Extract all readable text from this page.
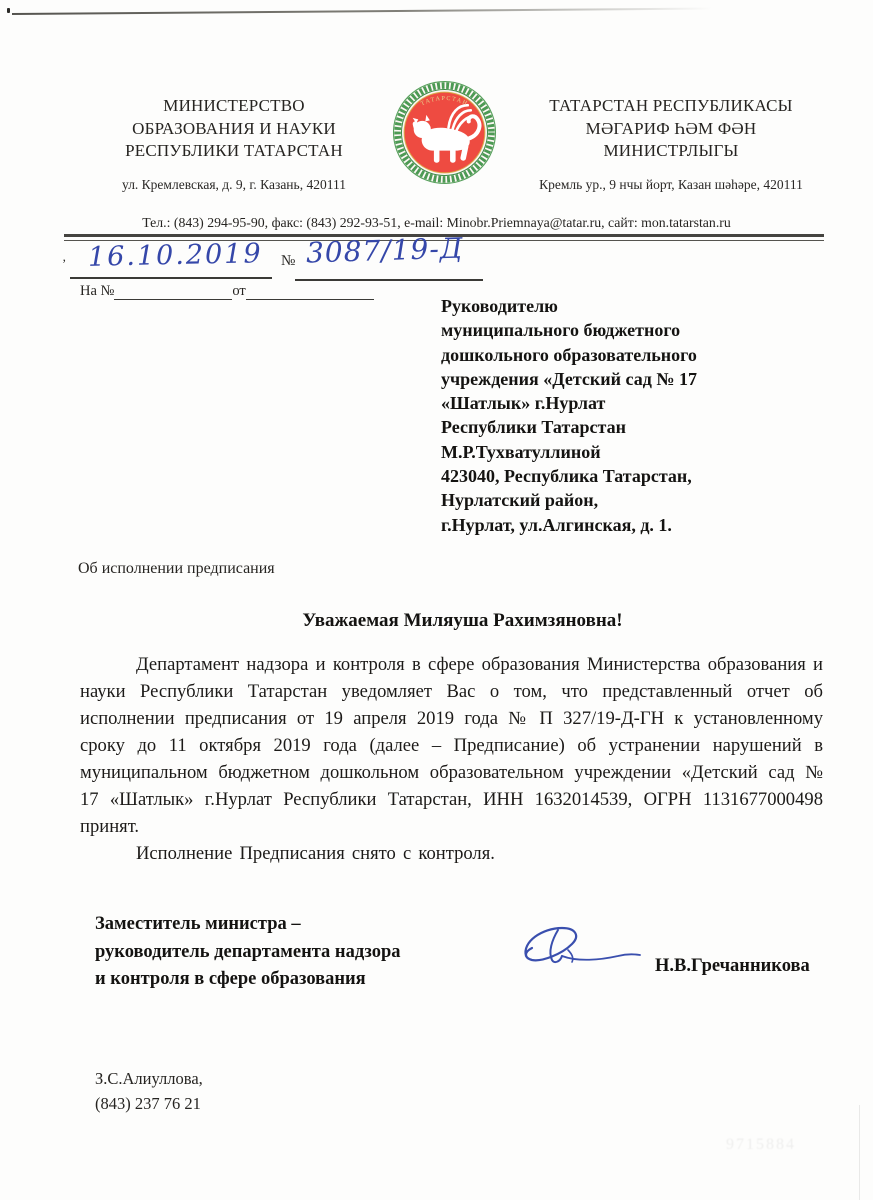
’
9715884
МИНИСТЕРСТВО
ОБРАЗОВАНИЯ И НАУКИ
РЕСПУБЛИКИ ТАТАРСТАН
ул. Кремлевская, д. 9, г. Казань, 420111
ТАТАРСТАН	ТАТАРСТАН РЕСПУБЛИКАСЫ
МӘГАРИФ ҺӘМ ФӘН
МИНИСТРЛЫГЫ
Кремль ур., 9 нчы йорт, Казан шәһәре, 420111
Тел.: (843) 294-95-90, факс: (843) 292-93-51, e-mail: Minobr.Priemnaya@tatar.ru, сайт: mon.tatarstan.ru
16.10.2019 № 3087/19-Д
На №	от
Руководителю
муниципального бюджетного
дошкольного образовательного
учреждения «Детский сад № 17
«Шатлык» г.Нурлат
Республики Татарстан
М.Р.Тухватуллиной
423040, Республика Татарстан,
Нурлатский район,
г.Нурлат, ул.Алгинская, д. 1.
Об исполнении предписания
Уважаемая Миляуша Рахимзяновна!

Департамент надзора и контроля в сфере образования Министерства образования и науки Республики Татарстан уведомляет Вас о том, что представленный отчет об исполнении предписания от 19 апреля 2019 года № П 327/19-Д-ГН к установленному сроку до 11 октября 2019 года (далее – Предписание) об устранении нарушений в муниципальном бюджетном дошкольном образовательном учреждении «Детский сад № 17 «Шатлык» г.Нурлат Республики Татарстан, ИНН 1632014539, ОГРН 1131677000498 принят.

Исполнение Предписания снято с контроля.

Заместитель министра –
руководитель департамента надзора
и контроля в сфере образования
Н.В.Гречанникова
З.С.Алиуллова,
(843) 237 76 21
